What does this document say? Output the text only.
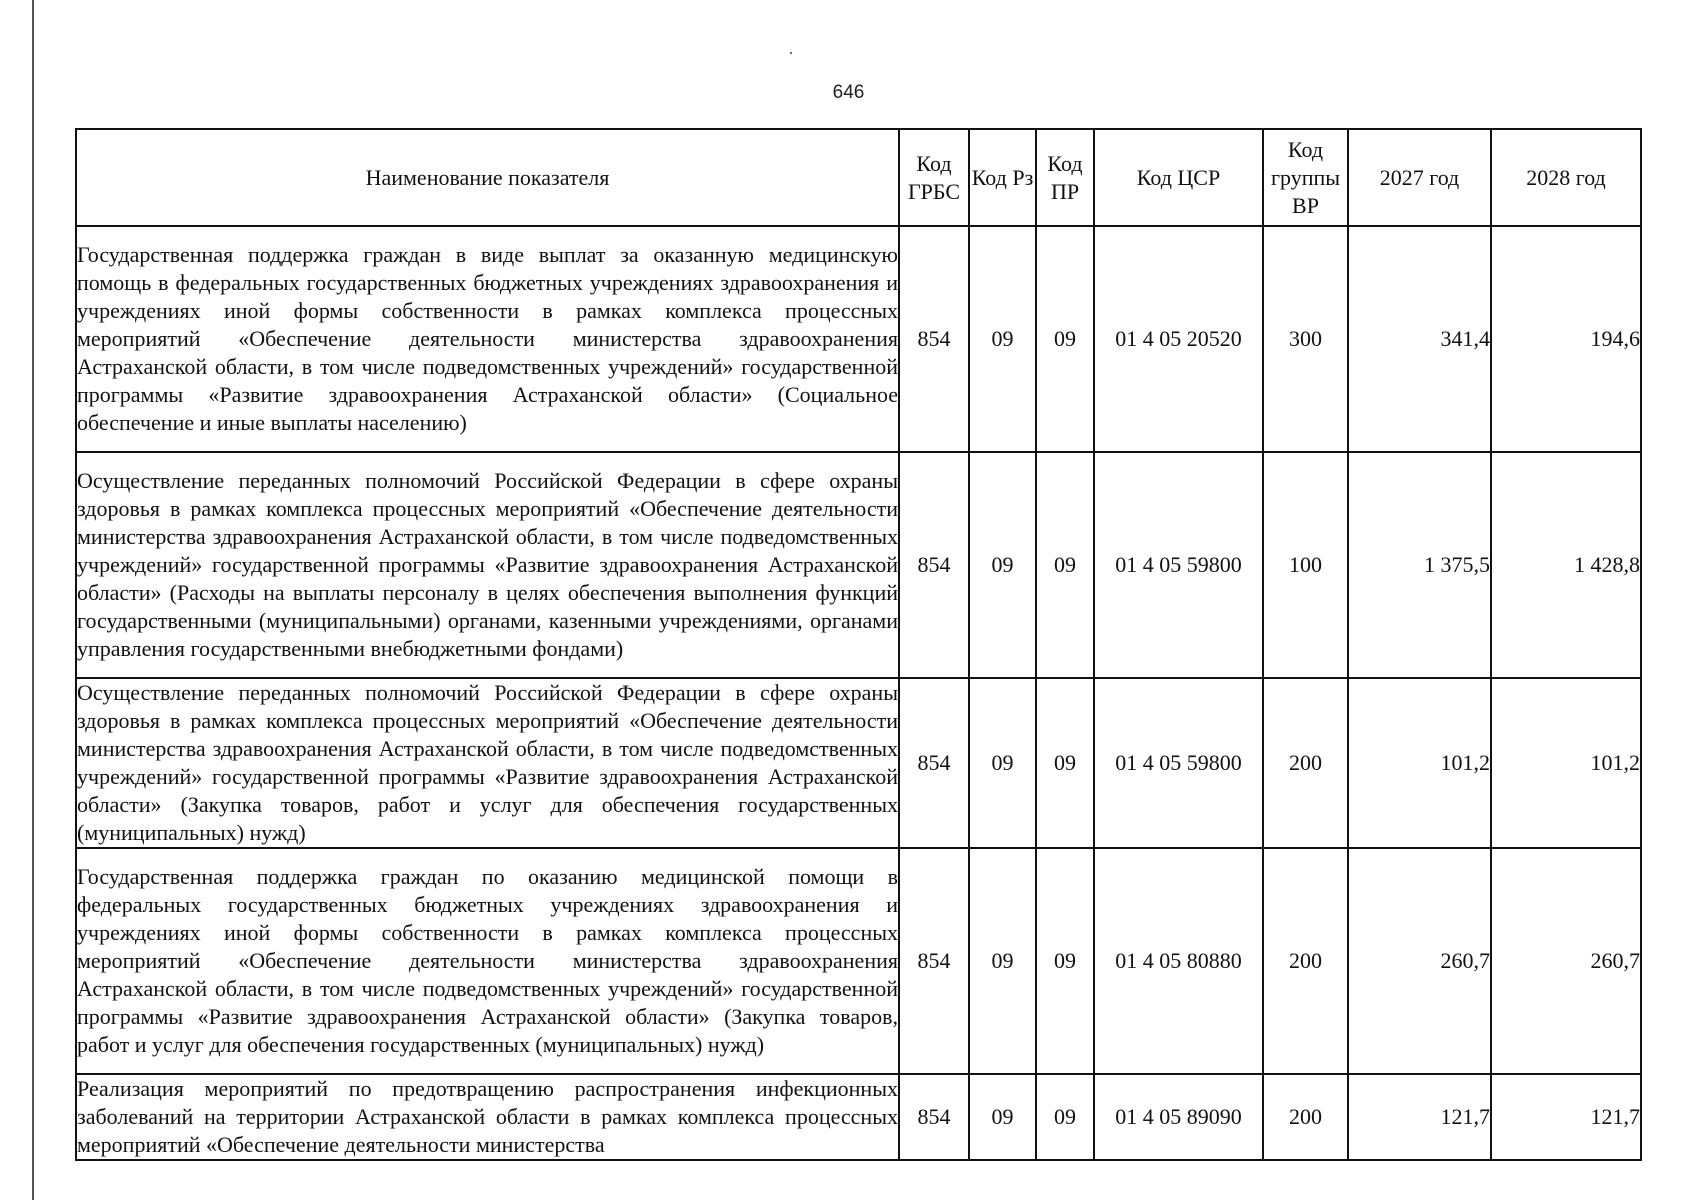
646
Наименование показателя	Код ГРБС	Код Рз	Код ПР	Код ЦСР	Код группы ВР	2027 год	2028 год
Государственная поддержка граждан в виде выплат за оказанную медицинскую помощь в федеральных государственных бюджетных учреждениях здравоохранения и учреждениях иной формы собственности в рамках комплекса процессных мероприятий «Обеспечение деятельности министерства здравоохранения Астраханской области, в том числе подведомственных учреждений» государственной программы «Развитие здравоохранения Астраханской области» (Социальное обеспечение и иные выплаты населению)	854	09	09	01 4 05 20520	300	341,4	194,6
Осуществление переданных полномочий Российской Федерации в сфере охраны здоровья в рамках комплекса процессных мероприятий «Обеспечение деятельности министерства здравоохранения Астраханской области, в том числе подведомственных учреждений» государственной программы «Развитие здравоохранения Астраханской области» (Расходы на выплаты персоналу в целях обеспечения выполнения функций государственными (муниципальными) органами, казенными учреждениями, органами управления государственными внебюджетными фондами)	854	09	09	01 4 05 59800	100	1 375,5	1 428,8
Осуществление переданных полномочий Российской Федерации в сфере охраны здоровья в рамках комплекса процессных мероприятий «Обеспечение деятельности министерства здравоохранения Астраханской области, в том числе подведомственных учреждений» государственной программы «Развитие здравоохранения Астраханской области» (Закупка товаров, работ и услуг для обеспечения государственных (муниципальных) нужд)	854	09	09	01 4 05 59800	200	101,2	101,2
Государственная поддержка граждан по оказанию медицинской помощи в федеральных государственных бюджетных учреждениях здравоохранения и учреждениях иной формы собственности в рамках комплекса процессных мероприятий «Обеспечение деятельности министерства здравоохранения Астраханской области, в том числе подведомственных учреждений» государственной программы «Развитие здравоохранения Астраханской области» (Закупка товаров, работ и услуг для обеспечения государственных (муниципальных) нужд)	854	09	09	01 4 05 80880	200	260,7	260,7

Реализация мероприятий по предотвращению распространения инфекционных заболеваний на территории Астраханской области в рамках комплекса процессных мероприятий «Обеспечение деятельности министерства	854	09	09	01 4 05 89090	200	121,7	121,7
